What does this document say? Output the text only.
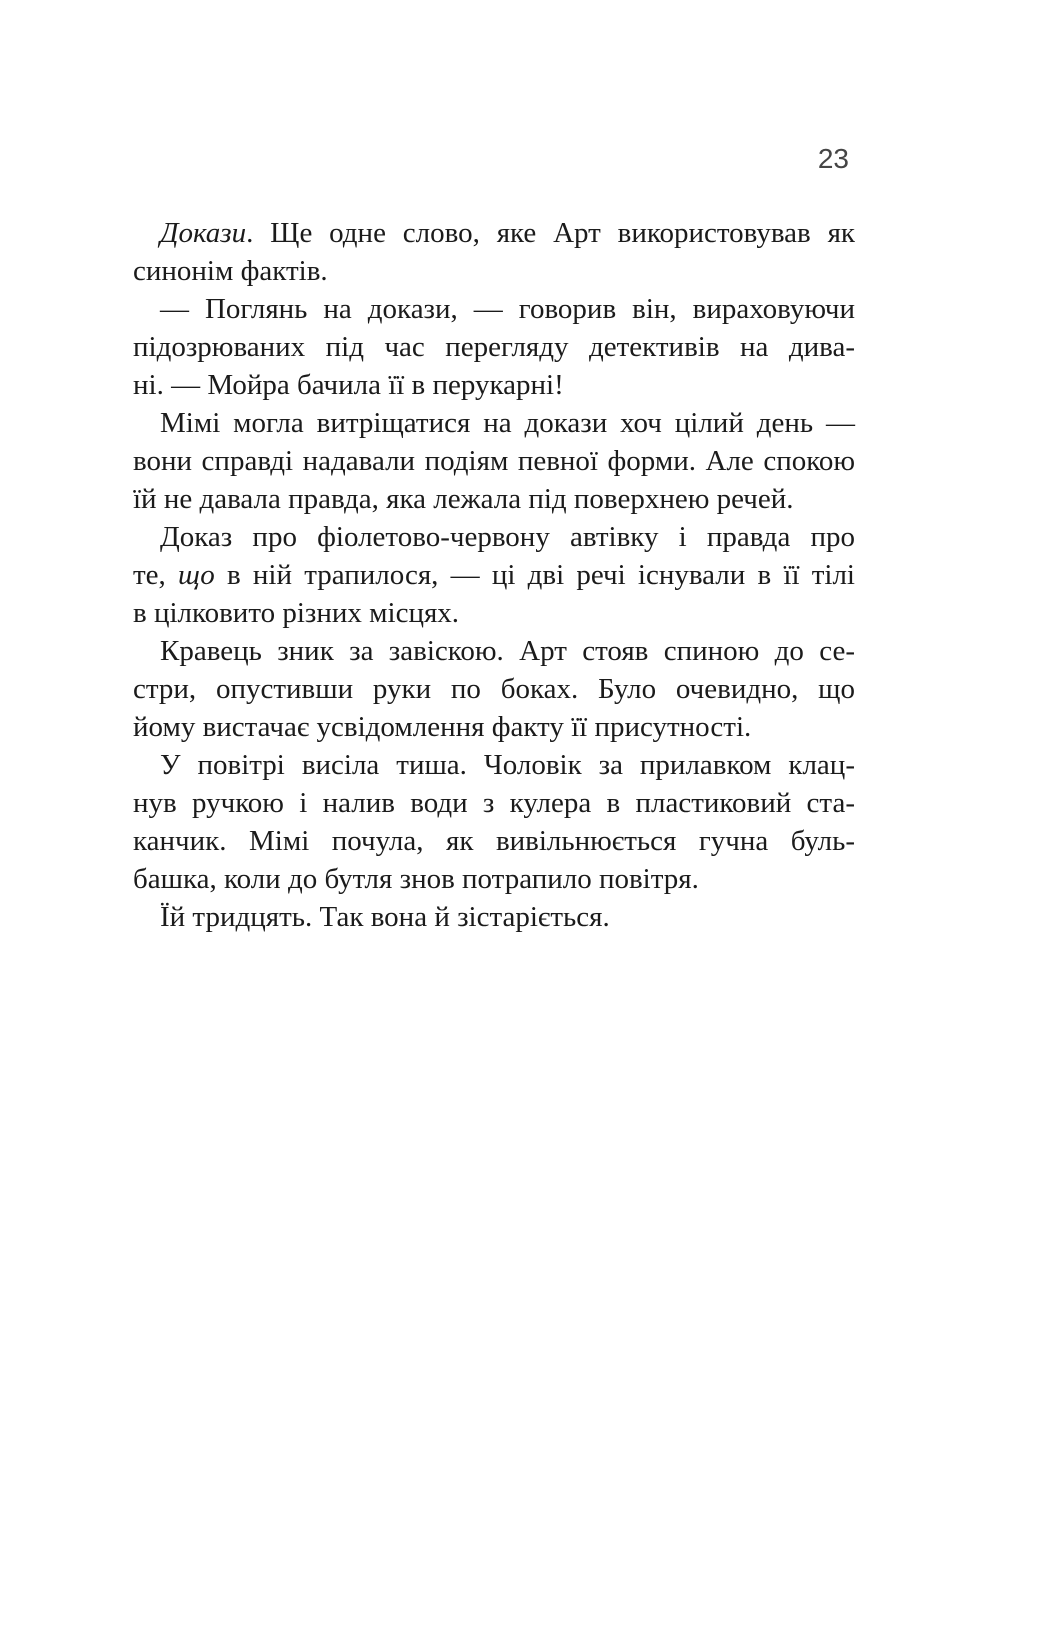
23

Докази. Ще одне слово, яке Арт використовував як
синонім фактів.

— Поглянь на докази, — говорив він, вираховуючи
підозрюваних під час перегляду детективів на дива-
ні. — Мойра бачила її в перукарні!

Мімі могла витріщатися на докази хоч цілий день —
вони справді надавали подіям певної форми. Але спокою
їй не давала правда, яка лежала під поверхнею речей.

Доказ про фіолетово-червону автівку і правда про
те, що в ній трапилося, — ці дві речі існували в її тілі
в цілковито різних місцях.

Кравець зник за завіскою. Арт стояв спиною до се-
стри, опустивши руки по боках. Було очевидно, що
йому вистачає усвідомлення факту її присутності.

У повітрі висіла тиша. Чоловік за прилавком клац-
нув ручкою і налив води з кулера в пластиковий ста-
канчик. Мімі почула, як вивільнюється гучна буль-
башка, коли до бутля знов потрапило повітря.

Їй тридцять. Так вона й зістаріється.
